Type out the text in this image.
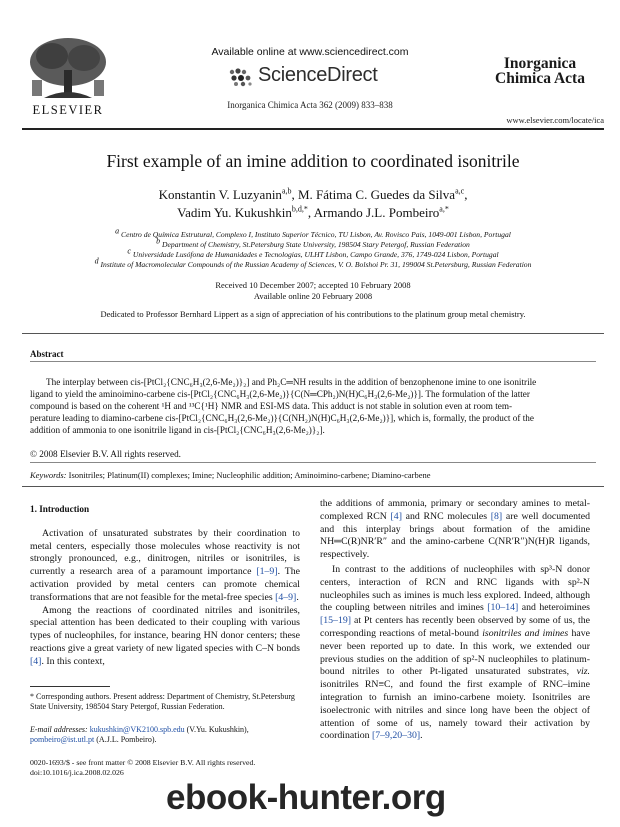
ELSEVIER
Available online at www.sciencedirect.com
ScienceDirect
Inorganica Chimica Acta 362 (2009) 833–838
Inorganica
Chimica Acta
www.elsevier.com/locate/ica
First example of an imine addition to coordinated isonitrile
Konstantin V. Luzyanin$^{a,b}$, M. Fátima C. Guedes da Silva$^{a,c}$,
Vadim Yu. Kukushkin$^{b,d,*}$, Armando J.L. Pombeiro$^{a,*}$
$^a$ Centro de Química Estrutural, Complexo I, Instituto Superior Técnico, TU Lisbon, Av. Rovisco Pais, 1049-001 Lisbon, Portugal
$^b$ Department of Chemistry, St.Petersburg State University, 198504 Stary Petergof, Russian Federation
$^c$ Universidade Lusófona de Humanidades e Tecnologias, ULHT Lisbon, Campo Grande, 376, 1749-024 Lisbon, Portugal
$^d$ Institute of Macromolecular Compounds of the Russian Academy of Sciences, V. O. Bolshoi Pr. 31, 199004 St.Petersburg, Russian Federation
Received 10 December 2007; accepted 10 February 2008
Available online 20 February 2008
Dedicated to Professor Bernhard Lippert as a sign of appreciation of his contributions to the platinum group metal chemistry.
Abstract
The interplay between cis-[PtCl₂{CNC₆H₃(2,6-Me₂)}₂] and Ph₂C═NH results in the addition of benzophenone imine to one isonitrile
ligand to yield the aminoimino-carbene cis-[PtCl₂{CNC₆H₃(2,6-Me₂)}{C(N═CPh₂)N(H)C₆H₃(2,6-Me₂)}]. The formulation of the latter
compound is based on the coherent ¹H and ¹³C{¹H} NMR and ESI-MS data. This adduct is not stable in solution even at room tem-
perature leading to diamino-carbene cis-[PtCl₂{CNC₆H₃(2,6-Me₂)}{C(NH₂)N(H)C₆H₃(2,6-Me₂)}], which is, formally, the product of the
addition of ammonia to one isonitrile ligand in cis-[PtCl₂{CNC₆H₃(2,6-Me₂)}₂].
© 2008 Elsevier B.V. All rights reserved.
Keywords: Isonitriles; Platinum(II) complexes; Imine; Nucleophilic addition; Aminoimino-carbene; Diamino-carbene
1. Introduction

Activation of unsaturated substrates by their coordination to metal centers, especially those molecules whose reactivity is not strongly pronounced, e.g., dinitrogen, nitriles or isonitriles, is currently a research area of a paramount importance [1–9]. The activation provided by metal centers can promote chemical transformations that are not feasible for the metal-free species [4–9].

Among the reactions of coordinated nitriles and isonitriles, special attention has been dedicated to their coupling with various types of nucleophiles, for instance, bearing HN donor centers; these reactions give a great variety of new ligated species with C–N bonds [4]. In this context,

* Corresponding authors. Present address: Department of Chemistry, St.Petersburg State University, 198504 Stary Petergof, Russian Federation.
E-mail addresses: kukushkin@VK2100.spb.edu (V.Yu. Kukushkin),
pombeiro@ist.utl.pt (A.J.L. Pombeiro).
0020-1693/$ - see front matter © 2008 Elsevier B.V. All rights reserved.
doi:10.1016/j.ica.2008.02.026

the additions of ammonia, primary or secondary amines to metal-complexed RCN [4] and RNC molecules [8] are well documented and this interplay brings about formation of the amidine NH═C(R)NR′R″ and the amino-carbene C(NR′R″)N(H)R ligands, respectively.

In contrast to the additions of nucleophiles with sp³-N donor centers, interaction of RCN and RNC ligands with sp²-N nucleophiles such as imines is much less explored. Indeed, although the coupling between nitriles and imines [10–14] and heteroimines [15–19] at Pt centers has recently been observed by some of us, the corresponding reactions of metal-bound isonitriles and imines have never been reported up to date. In this work, we extended our previous studies on the addition of sp²-N nucleophiles to platinum-bound nitriles to other Pt-ligated unsaturated substrates, viz. isonitriles RN≡C, and found the first example of RNC–imine integration to furnish an imino-carbene moiety. Isonitriles are isoelectronic with nitriles and since long have been the object of attention of some of us, namely toward their activation by coordination [7–9,20–30].

ebook-hunter.org
